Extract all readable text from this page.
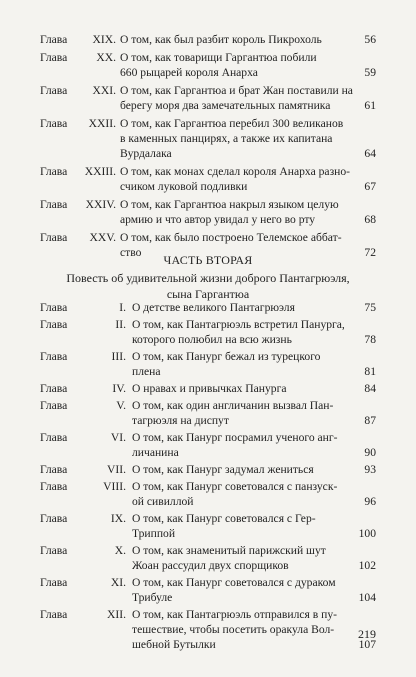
Глава	XIX. О том, как был разбит король Пикрохоль	56
Глава	XX. О том, как товарищи Гаргантюа побили
660 рыцарей короля Анарха	59
Глава	XXI. О том, как Гаргантюа и брат Жан поставили на
берегу моря два замечательных памятника	61
Глава	XXII. О том, как Гаргантюа перебил 300 великанов
в каменных панцирях, а также их капитана
Вурдалака	64
Глава	XXIII. О том, как монах сделал короля Анарха разно-
счиком луковой подливки	67
Глава	XXIV. О том, как Гаргантюа накрыл языком целую
армию и что автор увидал у него во рту	68
Глава	XXV. О том, как было построено Телемское аббат-
ство	72
ЧАСТЬ ВТОРАЯ
Повесть об удивительной жизни доброго Пантагрюэля,
сына Гаргантюа
Глава	I. О детстве великого Пантагрюэля	75
Глава	II. О том, как Пантагрюэль встретил Панурга,
которого полюбил на всю жизнь	78
Глава	III. О том, как Панург бежал из турецкого
плена	81
Глава	IV. О нравах и привычках Панурга	84
Глава	V. О том, как один англичанин вызвал Пан-
тагрюэля на диспут	87
Глава	VI. О том, как Панург посрамил ученого анг-
личанина	90
Глава	VII. О том, как Панург задумал жениться	93
Глава	VIII. О том, как Панург советовался с панзуск-
ой сивиллой	96
Глава	IX. О том, как Панург советовался с Гер-
Триппой	100
Глава	X. О том, как знаменитый парижский шут
Жоан рассудил двух спорщиков	102
Глава	XI. О том, как Панург советовался с дураком
Трибуле	104
Глава	XII. О том, как Пантагрюэль отправился в пу-
тешествие, чтобы посетить оракула Вол-
шебной Бутылки	107
219
